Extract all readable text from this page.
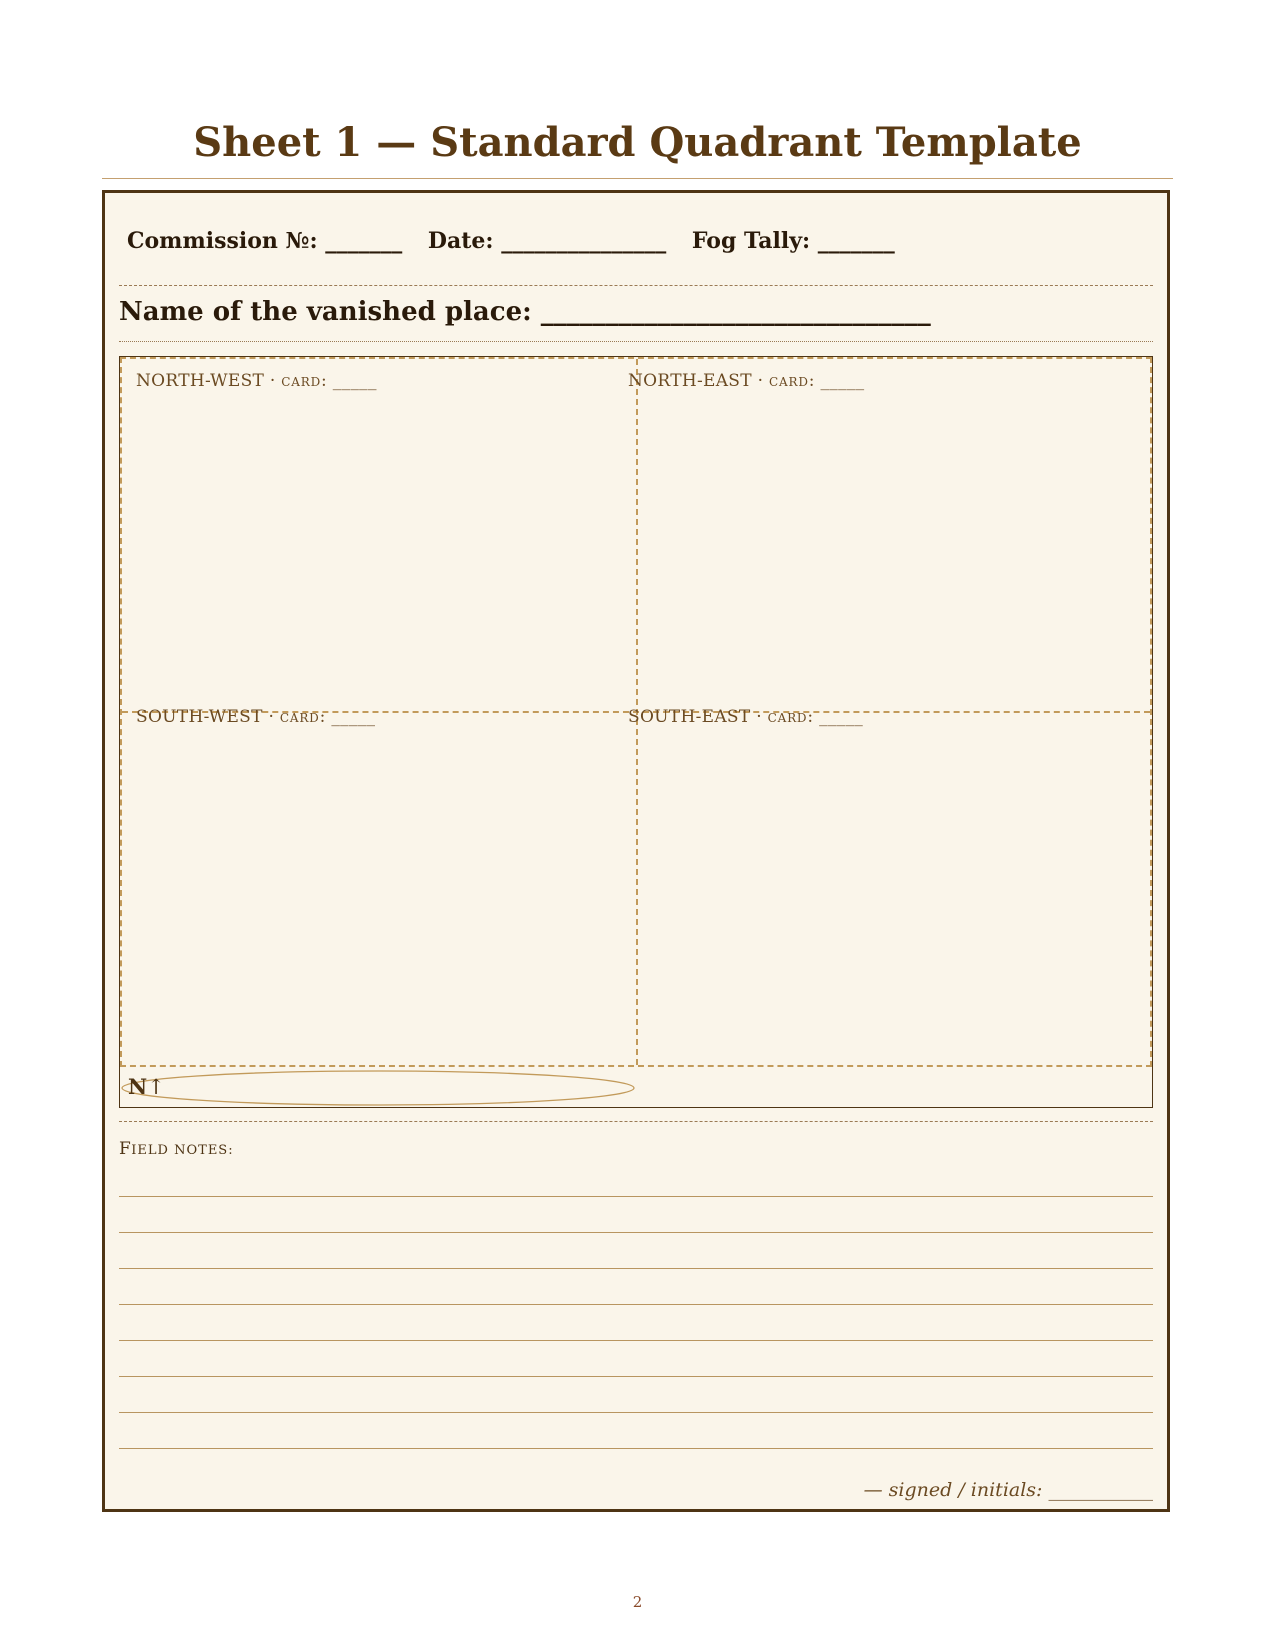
Sheet 1 — Standard Quadrant Template
Commission №: _______ Date: _______________ Fog Tally: _______
Name of the vanished place: ______________________________
NORTH-WEST · CARD: _____	NORTH-EAST · CARD: _____
SOUTH-WEST · CARD: _____	SOUTH-EAST · CARD: _____
N↑
FIELD NOTES:
— signed / initials: ___________
2
